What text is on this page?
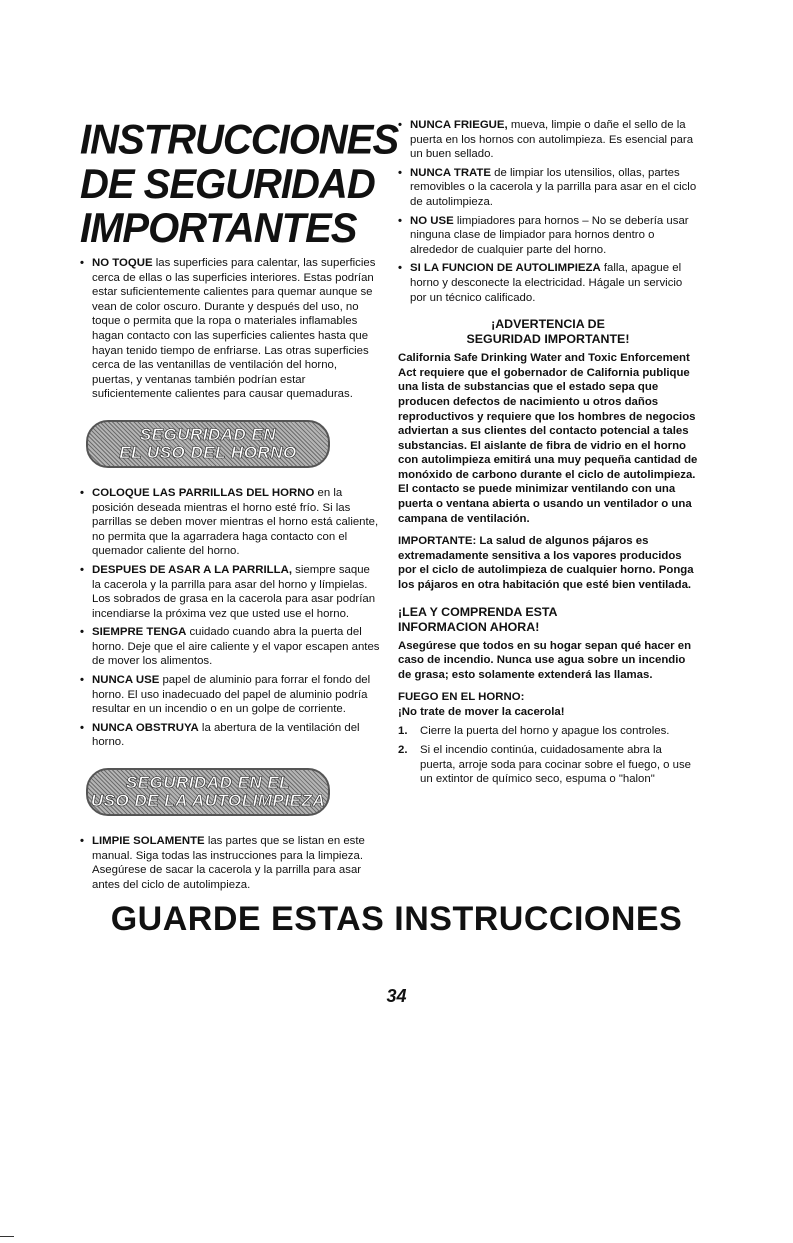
INSTRUCCIONES
DE SEGURIDAD
IMPORTANTES
• NO TOQUE las superficies para calentar, las superficies cerca de ellas o las superficies interiores. Estas podrían estar suficientemente calientes para quemar aunque se vean de color oscuro. Durante y después del uso, no toque o permita que la ropa o materiales inflamables hagan contacto con las superficies calientes hasta que hayan tenido tiempo de enfriarse. Las otras superficies cerca de las ventanillas de ventilación del horno, puertas, y ventanas también podrían estar suficientemente calientes para causar quemaduras.
SEGURIDAD EN
EL USO DEL HORNO
• COLOQUE LAS PARRILLAS DEL HORNO en la posición deseada mientras el horno esté frío. Si las parrillas se deben mover mientras el horno está caliente, no permita que la agarradera haga contacto con el quemador caliente del horno.
• DESPUES DE ASAR A LA PARRILLA, siempre saque la cacerola y la parrilla para asar del horno y límpielas. Los sobrados de grasa en la cacerola para asar podrían incendiarse la próxima vez que usted use el horno.
• SIEMPRE TENGA cuidado cuando abra la puerta del horno. Deje que el aire caliente y el vapor escapen antes de mover los alimentos.
• NUNCA USE papel de aluminio para forrar el fondo del horno. El uso inadecuado del papel de aluminio podría resultar en un incendio o en un golpe de corriente.
• NUNCA OBSTRUYA la abertura de la ventilación del horno.
SEGURIDAD EN EL
USO DE LA AUTOLIMPIEZA
• LIMPIE SOLAMENTE las partes que se listan en este manual. Siga todas las instrucciones para la limpieza. Asegúrese de sacar la cacerola y la parrilla para asar antes del ciclo de autolimpieza.
• NUNCA FRIEGUE, mueva, limpie o dañe el sello de la puerta en los hornos con autolimpieza. Es esencial para un buen sellado.
• NUNCA TRATE de limpiar los utensilios, ollas, partes removibles o la cacerola y la parrilla para asar en el ciclo de autolimpieza.
• NO USE limpiadores para hornos – No se debería usar ninguna clase de limpiador para hornos dentro o alrededor de cualquier parte del horno.
• SI LA FUNCION DE AUTOLIMPIEZA falla, apague el horno y desconecte la electricidad. Hágale un servicio por un técnico calificado.
¡ADVERTENCIA DE
SEGURIDAD IMPORTANTE!

California Safe Drinking Water and Toxic Enforcement Act requiere que el gobernador de California publique una lista de substancias que el estado sepa que producen defectos de nacimiento u otros daños reproductivos y requiere que los hombres de negocios adviertan a sus clientes del contacto potencial a tales substancias. El aislante de fibra de vidrio en el horno con autolimpieza emitirá una muy pequeña cantidad de monóxido de carbono durante el ciclo de autolimpieza. El contacto se puede minimizar ventilando con una puerta o ventana abierta o usando un ventilador o una campana de ventilación.

IMPORTANTE: La salud de algunos pájaros es extremadamente sensitiva a los vapores producidos por el ciclo de autolimpieza de cualquier horno. Ponga los pájaros en otra habitación que esté bien ventilada.

¡LEA Y COMPRENDA ESTA
INFORMACION AHORA!

Asegúrese que todos en su hogar sepan qué hacer en caso de incendio. Nunca use agua sobre un incendio de grasa; esto solamente extenderá las llamas.

FUEGO EN EL HORNO:
¡No trate de mover la cacerola!
1. Cierre la puerta del horno y apague los controles.
2. Si el incendio continúa, cuidadosamente abra la puerta, arroje soda para cocinar sobre el fuego, o use un extintor de químico seco, espuma o "halon"
GUARDE ESTAS INSTRUCCIONES
34
